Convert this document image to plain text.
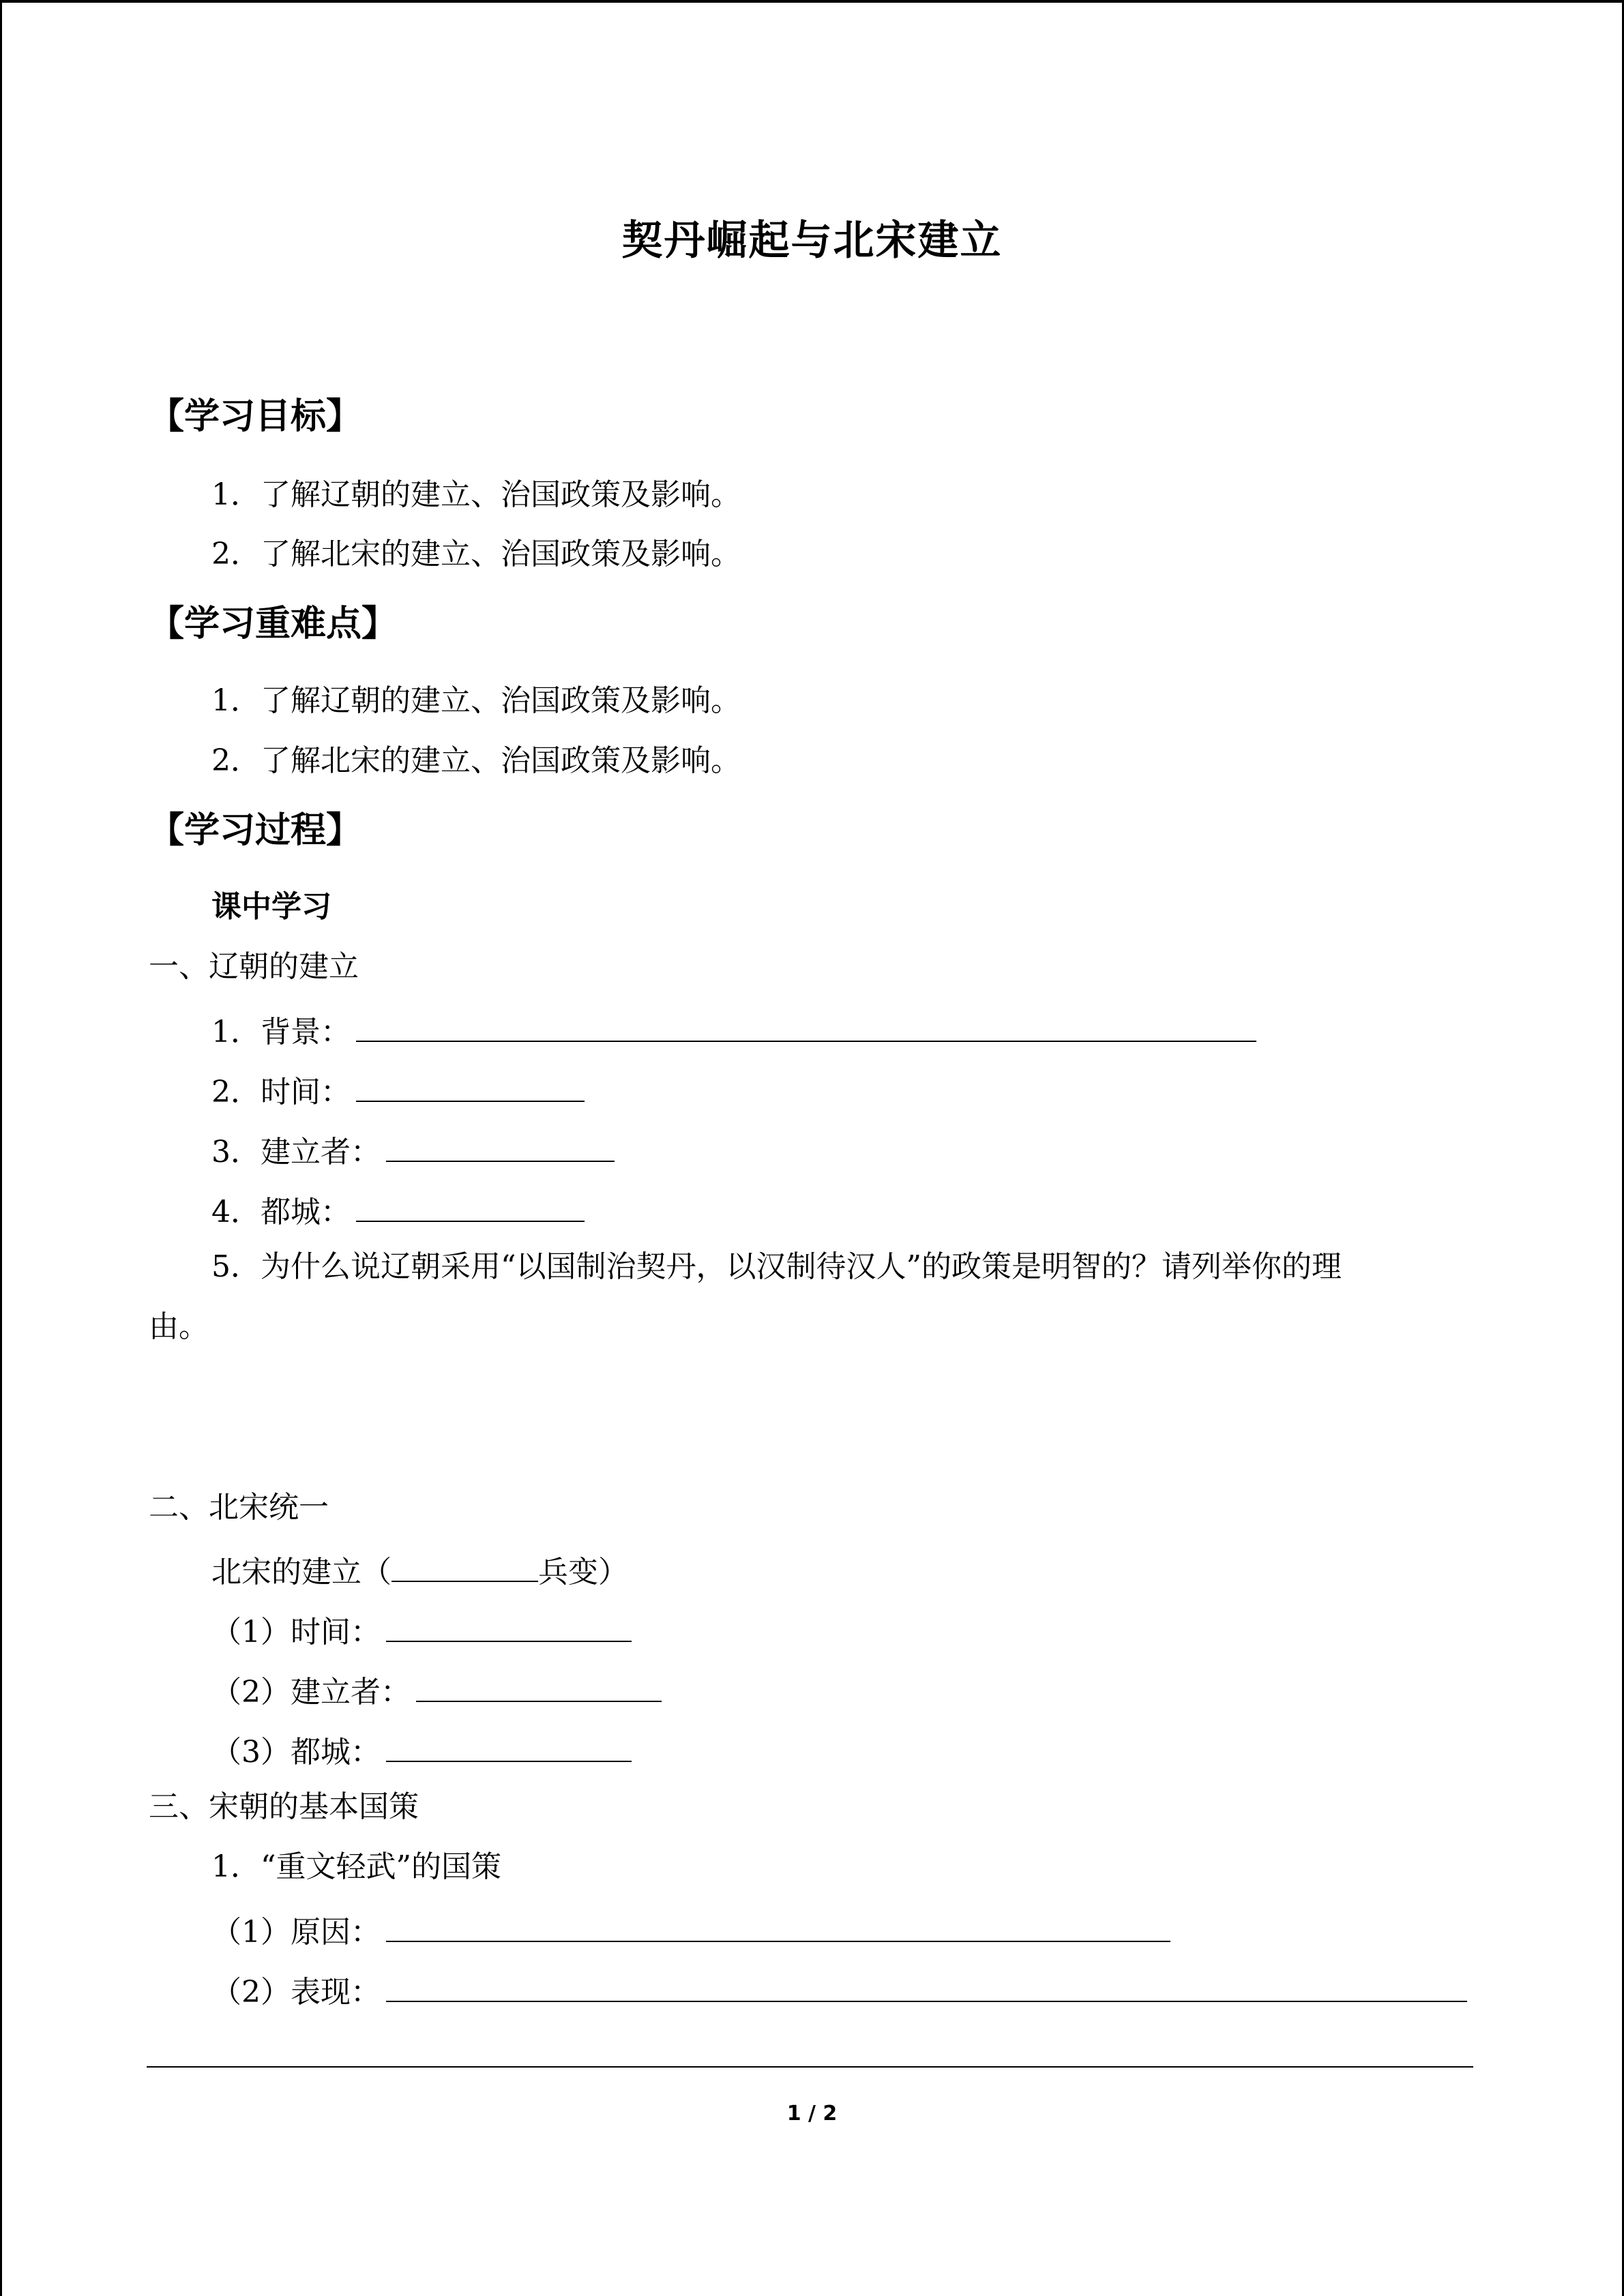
契丹崛起与北宋建立
【学习目标】
1．了解辽朝的建立、治国政策及影响。
2．了解北宋的建立、治国政策及影响。
【学习重难点】
1．了解辽朝的建立、治国政策及影响。
2．了解北宋的建立、治国政策及影响。
【学习过程】
课中学习
一、辽朝的建立
1．背景：
2．时间：
3．建立者：
4．都城：
5．为什么说辽朝采用“以国制治契丹，以汉制待汉人”的政策是明智的？请列举你的理
由。
二、北宋统一
北宋的建立（	兵变）
（1）时间：
（2）建立者：
（3）都城：
三、宋朝的基本国策
1．“重文轻武”的国策
（1）原因：
（2）表现：
1 / 2
